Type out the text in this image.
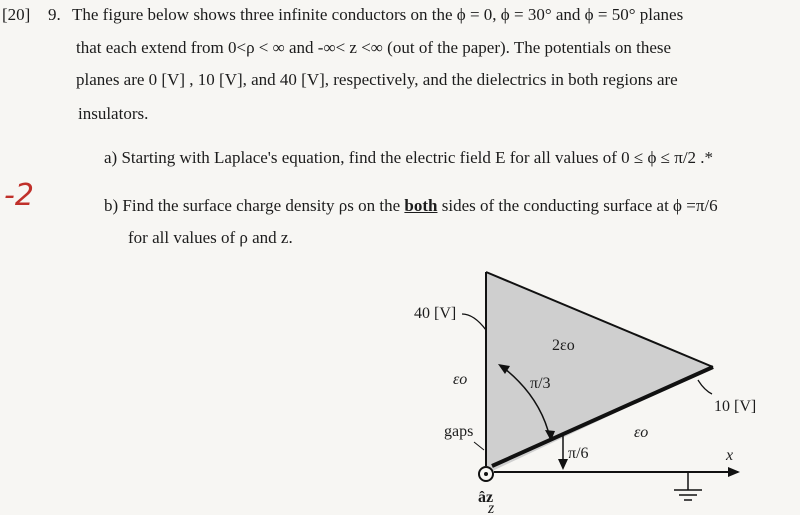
[20] 9. The figure below shows three infinite conductors on the ϕ = 0, ϕ = 30° and ϕ = 50° planes
that each extend from 0<ρ < ∞ and -∞< z <∞ (out of the paper). The potentials on these
planes are 0 [V] , 10 [V], and 40 [V], respectively, and the dielectrics in both regions are
insulators.
a) Starting with Laplace's equation, find the electric field E for all values of 0 ≤ ϕ ≤ π/2 .*
b) Find the surface charge density ρs on the both sides of the conducting surface at ϕ =π/6
for all values of ρ and z.
-2
40 [V]
10 [V]
εo
2εo
εo
π/3
π/6
gaps
x
âz
z
